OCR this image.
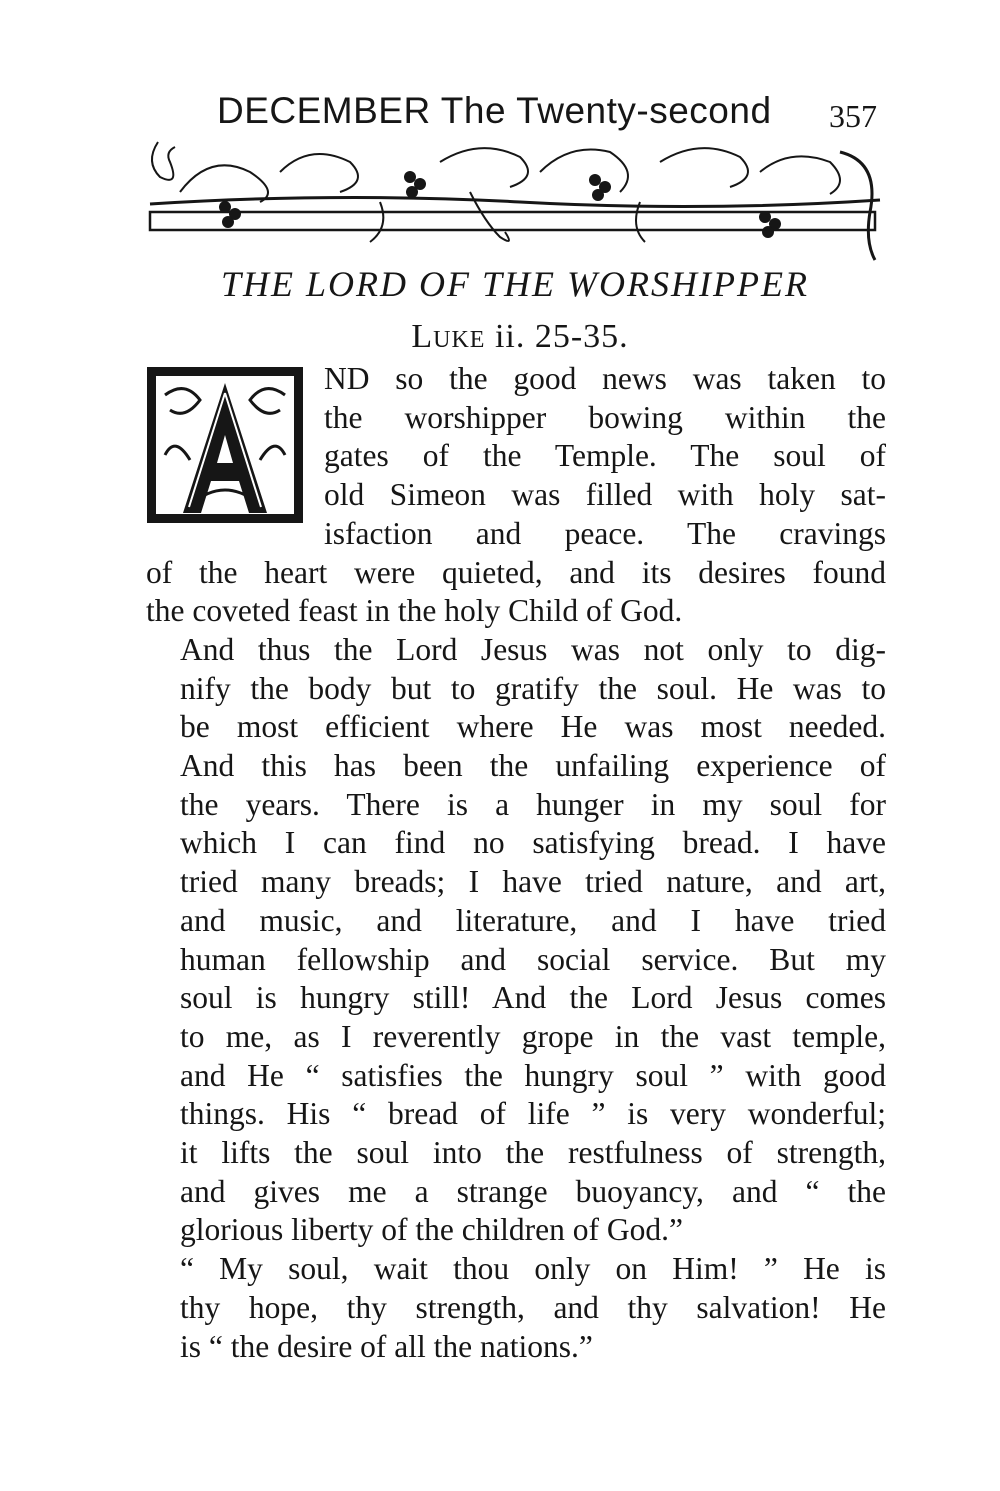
DECEMBER The Twenty-second 357
THE LORD OF THE WORSHIPPER
Luke ii. 25-35.

ND so the good news was taken to
the worshipper bowing within the
gates of the Temple. The soul of
old Simeon was filled with holy sat-
isfaction and peace. The cravings
of the heart were quieted, and its desires found
the coveted feast in the holy Child of God.

And thus the Lord Jesus was not only to dig-
nify the body but to gratify the soul. He was to
be most efficient where He was most needed.
And this has been the unfailing experience of
the years. There is a hunger in my soul for
which I can find no satisfying bread. I have
tried many breads; I have tried nature, and art,
and music, and literature, and I have tried
human fellowship and social service. But my
soul is hungry still! And the Lord Jesus comes
to me, as I reverently grope in the vast temple,
and He “ satisfies the hungry soul ” with good
things. His “ bread of life ” is very wonderful;
it lifts the soul into the restfulness of strength,
and gives me a strange buoyancy, and “ the
glorious liberty of the children of God.”

“ My soul, wait thou only on Him! ” He is
thy hope, thy strength, and thy salvation! He
is “ the desire of all the nations.”
